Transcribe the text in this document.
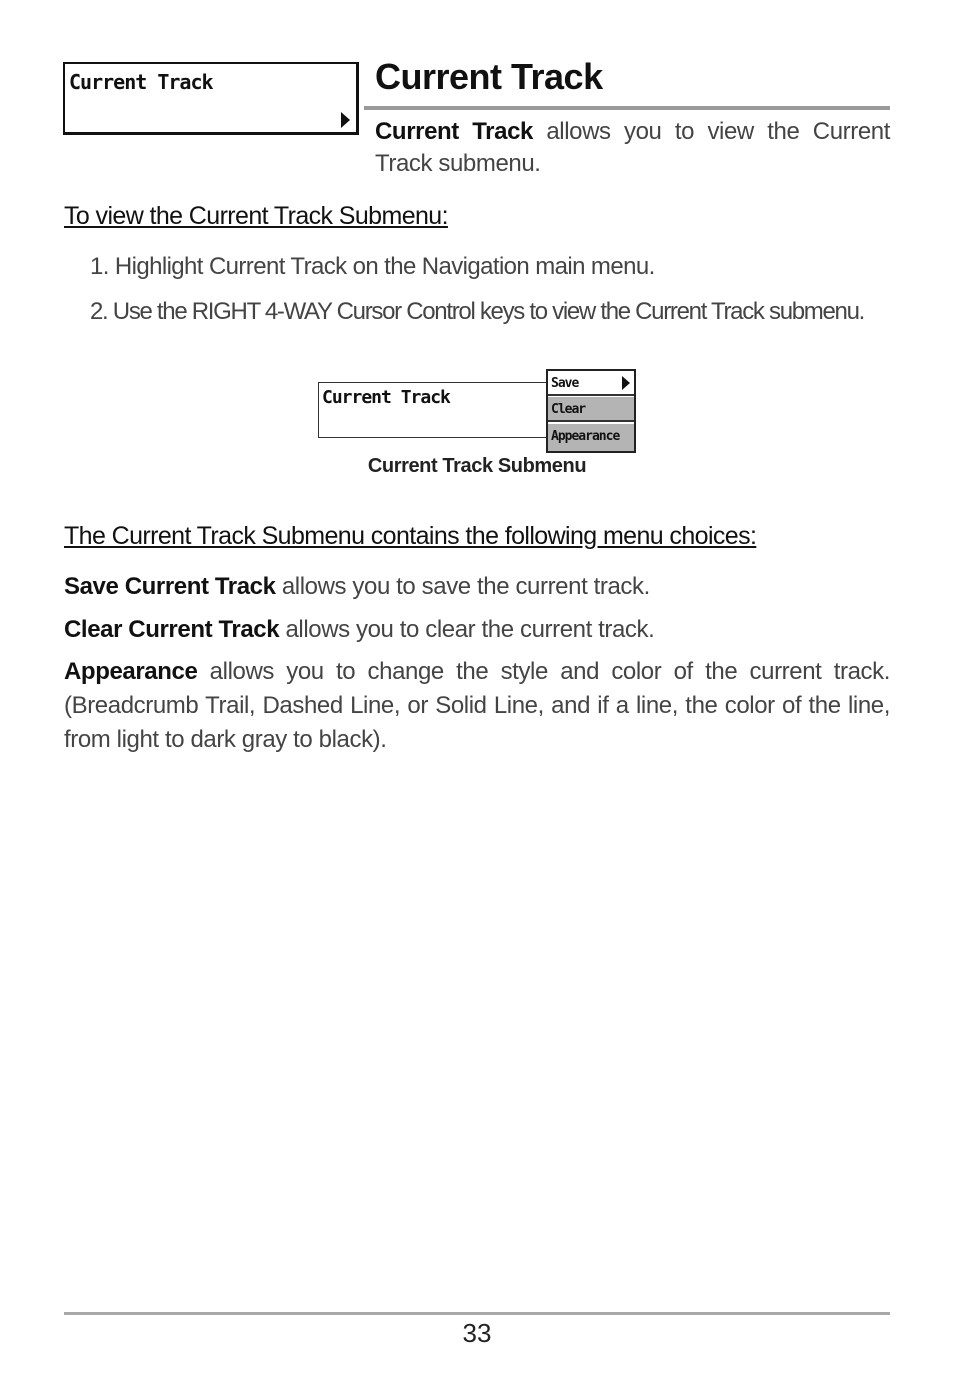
Current Track	Current Track
Current Track allows you to view the Current Track submenu.
To view the Current Track Submenu:
1. Highlight Current Track on the Navigation main menu.
2. Use the RIGHT 4-WAY Cursor Control keys to view the Current Track submenu.
Current Track
Save
Clear
Appearance
Current Track Submenu
The Current Track Submenu contains the following menu choices:
Save Current Track allows you to save the current track.
Clear Current Track allows you to clear the current track.
Appearance allows you to change the style and color of the current track. (Breadcrumb Trail, Dashed Line, or Solid Line, and if a line, the color of the line, from light to dark gray to black).
33
